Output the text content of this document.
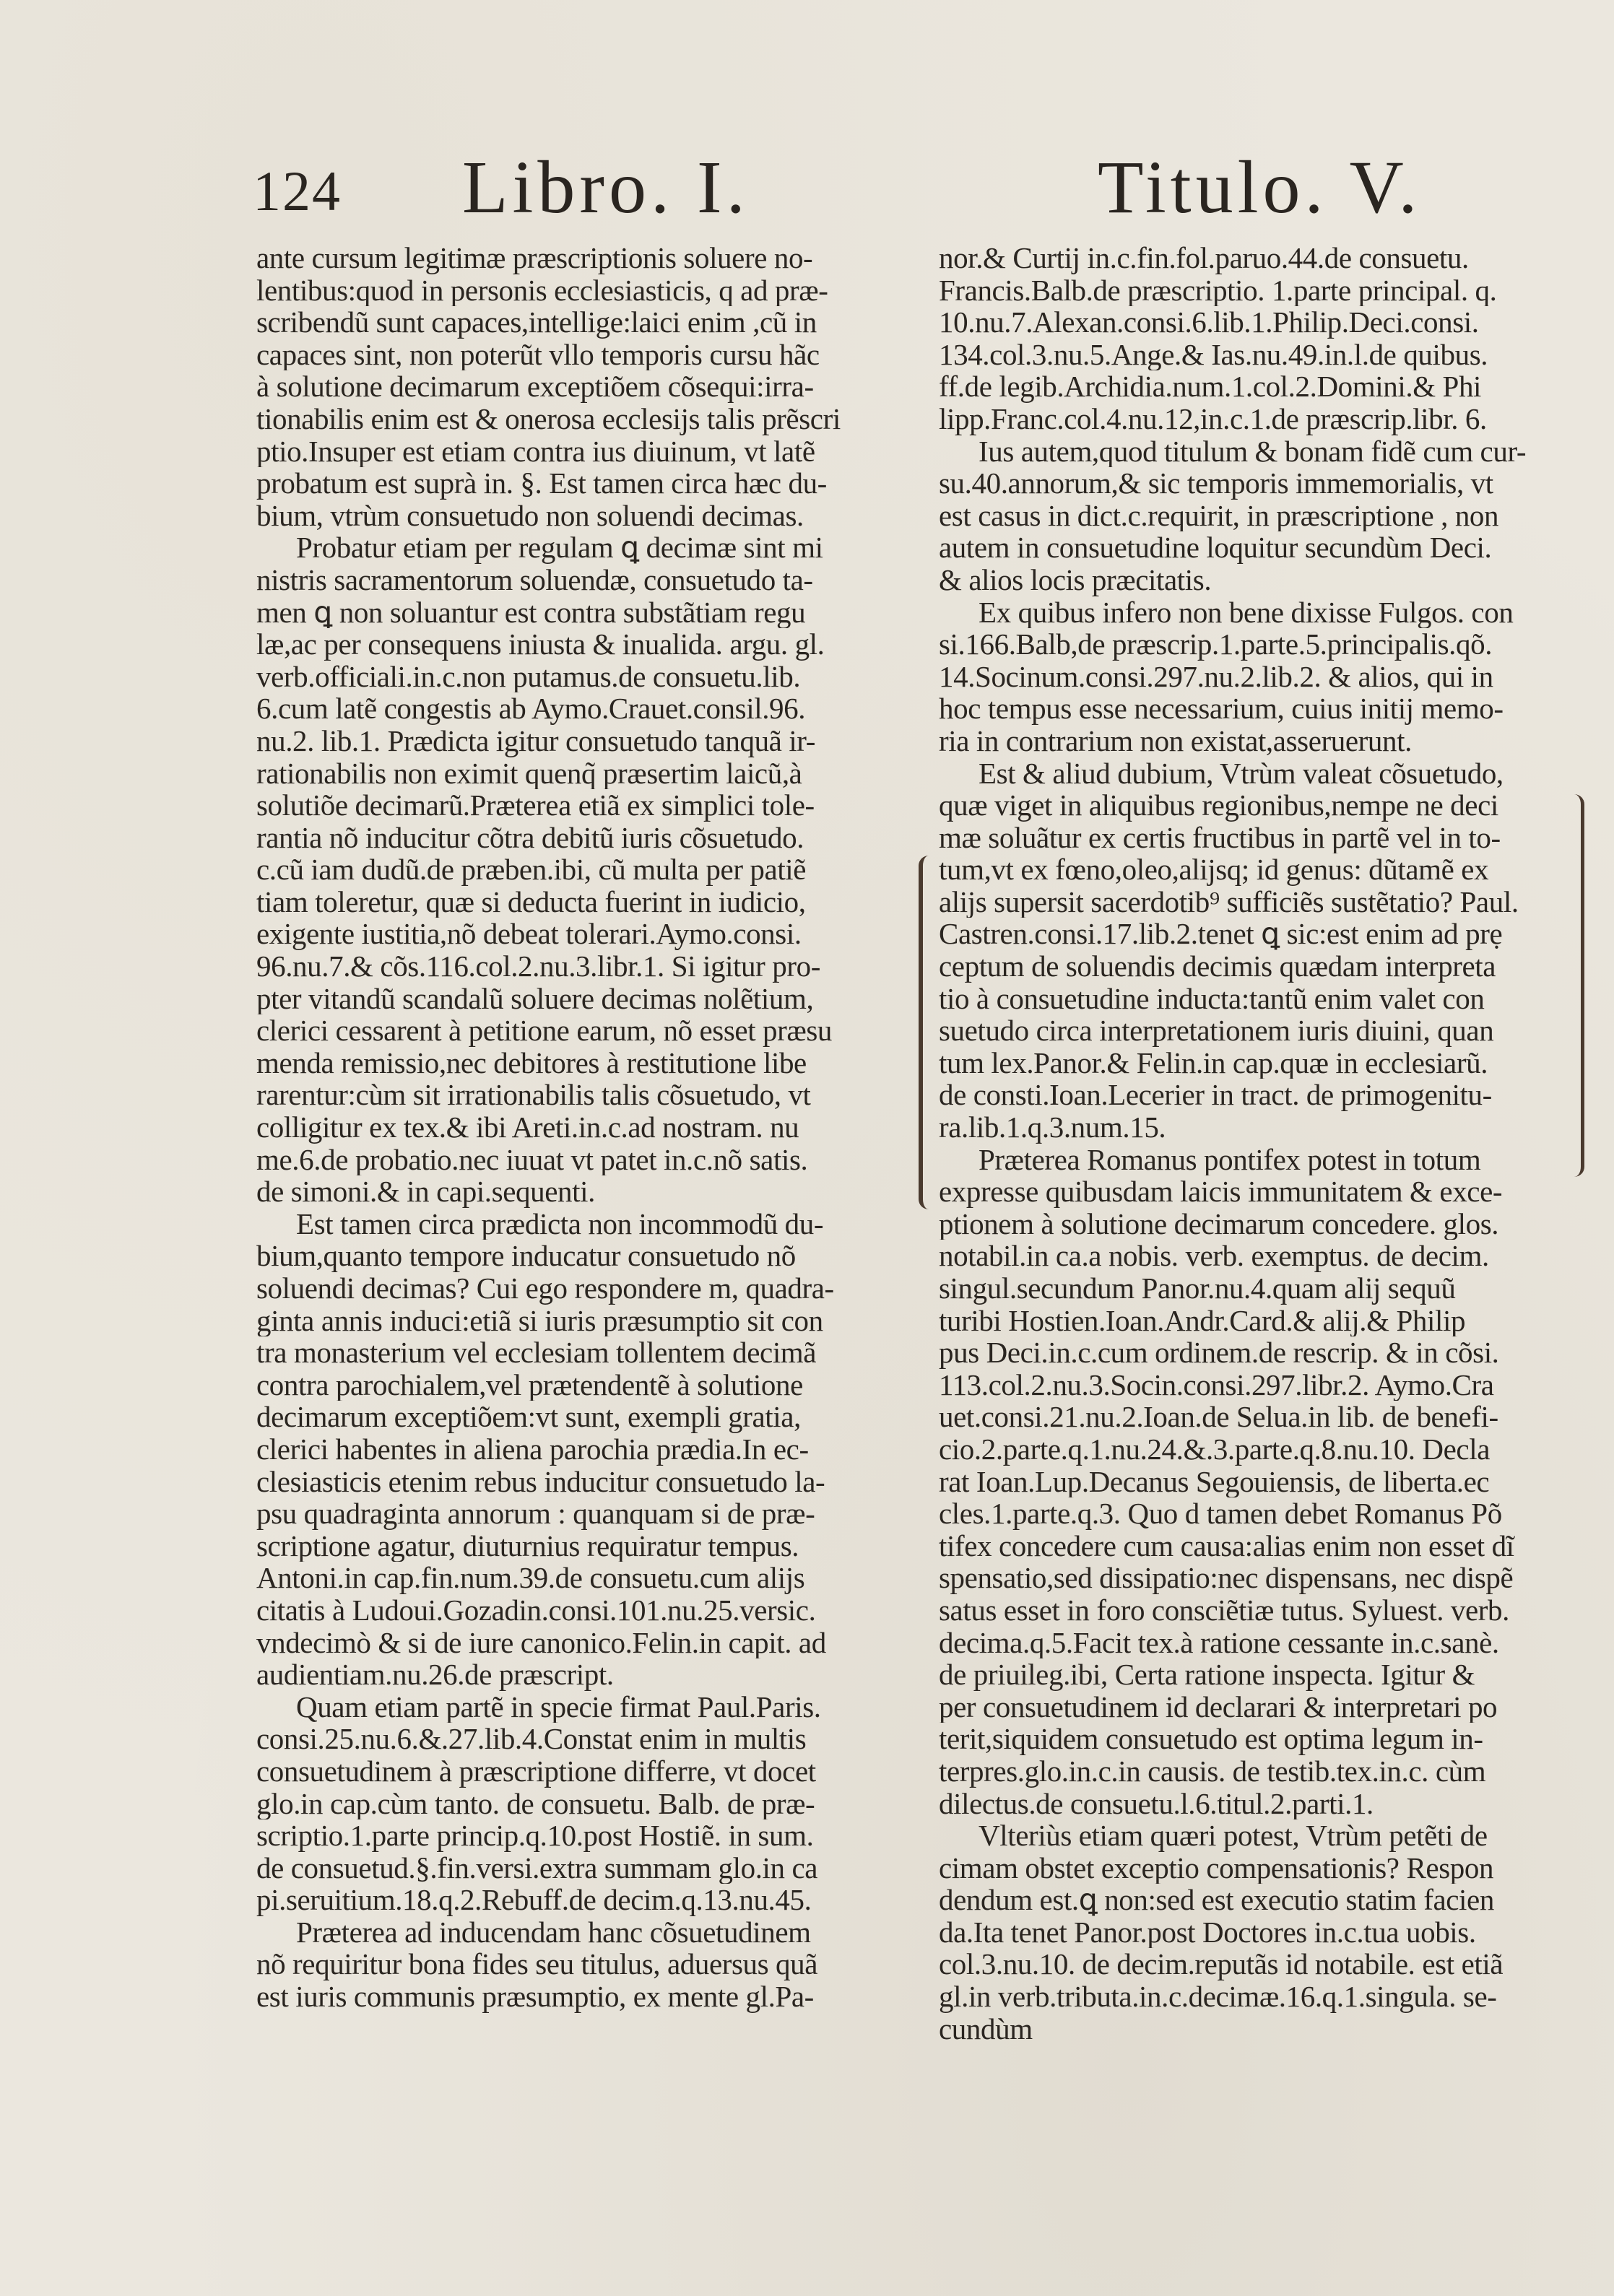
124 Libro. I.	Titulo. V.
ante cursum legitimæ præscriptionis soluere no-
lentibus:quod in personis ecclesiasticis, q ad præ-
scribendũ sunt capaces,intellige:laici enim ,cũ in
capaces sint, non poterũt vllo temporis cursu hãc
à solutione decimarum exceptiõem cõsequi:irra-
tionabilis enim est & onerosa ecclesijs talis prẽscri
ptio.Insuper est etiam contra ius diuinum, vt latẽ
probatum est suprà in. §. Est tamen circa hæc du-
bium, vtrùm consuetudo non soluendi decimas.
Probatur etiam per regulam ꝗ decimæ sint mi
nistris sacramentorum soluendæ, consuetudo ta-
men ꝗ non soluantur est contra substãtiam regu
læ,ac per consequens iniusta & inualida. argu. gl.
verb.officiali.in.c.non putamus.de consuetu.lib.
6.cum latẽ congestis ab Aymo.Crauet.consil.96.
nu.2. lib.1. Prædicta igitur consuetudo tanquã ir-
rationabilis non eximit quenq̃ præsertim laicũ,à
solutiõe decimarũ.Præterea etiã ex simplici tole-
rantia nõ inducitur cõtra debitũ iuris cõsuetudo.
c.cũ iam dudũ.de præben.ibi, cũ multa per patiẽ
tiam toleretur, quæ si deducta fuerint in iudicio,
exigente iustitia,nõ debeat tolerari.Aymo.consi.
96.nu.7.& cõs.116.col.2.nu.3.libr.1. Si igitur pro-
pter vitandũ scandalũ soluere decimas nolẽtium,
clerici cessarent à petitione earum, nõ esset præsu
menda remissio,nec debitores à restitutione libe
rarentur:cùm sit irrationabilis talis cõsuetudo, vt
colligitur ex tex.& ibi Areti.in.c.ad nostram. nu
me.6.de probatio.nec iuuat vt patet in.c.nõ satis.
de simoni.& in capi.sequenti.
Est tamen circa prædicta non incommodũ du-
bium,quanto tempore inducatur consuetudo nõ
soluendi decimas? Cui ego respondere m, quadra-
ginta annis induci:etiã si iuris præsumptio sit con
tra monasterium vel ecclesiam tollentem decimã
contra parochialem,vel prætendentẽ à solutione
decimarum exceptiõem:vt sunt, exempli gratia,
clerici habentes in aliena parochia prædia.In ec-
clesiasticis etenim rebus inducitur consuetudo la-
psu quadraginta annorum : quanquam si de præ-
scriptione agatur, diuturnius requiratur tempus.
Antoni.in cap.fin.num.39.de consuetu.cum alijs
citatis à Ludoui.Gozadin.consi.101.nu.25.versic.
vndecimò & si de iure canonico.Felin.in capit. ad
audientiam.nu.26.de præscript.
Quam etiam partẽ in specie firmat Paul.Paris.
consi.25.nu.6.&.27.lib.4.Constat enim in multis
consuetudinem à præscriptione differre, vt docet
glo.in cap.cùm tanto. de consuetu. Balb. de præ-
scriptio.1.parte princip.q.10.post Hostiẽ. in sum.
de consuetud.§.fin.versi.extra summam glo.in ca
pi.seruitium.18.q.2.Rebuff.de decim.q.13.nu.45.
Præterea ad inducendam hanc cõsuetudinem
nõ requiritur bona fides seu titulus, aduersus quã
est iuris communis præsumptio, ex mente gl.Pa-
nor.& Curtij in.c.fin.fol.paruo.44.de consuetu.
Francis.Balb.de præscriptio. 1.parte principal. q.
10.nu.7.Alexan.consi.6.lib.1.Philip.Deci.consi.
134.col.3.nu.5.Ange.& Ias.nu.49.in.l.de quibus.
ff.de legib.Archidia.num.1.col.2.Domini.& Phi
lipp.Franc.col.4.nu.12,in.c.1.de præscrip.libr. 6.
Ius autem,quod titulum & bonam fidẽ cum cur-
su.40.annorum,& sic temporis immemorialis, vt
est casus in dict.c.requirit, in præscriptione , non
autem in consuetudine loquitur secundùm Deci.
& alios locis præcitatis.
Ex quibus infero non bene dixisse Fulgos. con
si.166.Balb,de præscrip.1.parte.5.principalis.qõ.
14.Socinum.consi.297.nu.2.lib.2. & alios, qui in
hoc tempus esse necessarium, cuius initij memo-
ria in contrarium non existat,asseruerunt.
Est & aliud dubium, Vtrùm valeat cõsuetudo,
quæ viget in aliquibus regionibus,nempe ne deci
mæ soluãtur ex certis fructibus in partẽ vel in to-
tum,vt ex fœno,oleo,alijsq; id genus: dũtamẽ ex
alijs supersit sacerdotib⁹ sufficiẽs sustẽtatio? Paul.
Castren.consi.17.lib.2.tenet ꝗ sic:est enim ad prẹ
ceptum de soluendis decimis quædam interpreta
tio à consuetudine inducta:tantũ enim valet con
suetudo circa interpretationem iuris diuini, quan
tum lex.Panor.& Felin.in cap.quæ in ecclesiarũ.
de consti.Ioan.Lecerier in tract. de primogenitu-
ra.lib.1.q.3.num.15.
Præterea Romanus pontifex potest in totum
expresse quibusdam laicis immunitatem & exce-
ptionem à solutione decimarum concedere. glos.
notabil.in ca.a nobis. verb. exemptus. de decim.
singul.secundum Panor.nu.4.quam alij sequũ
turibi Hostien.Ioan.Andr.Card.& alij.& Philip
pus Deci.in.c.cum ordinem.de rescrip. & in cõsi.
113.col.2.nu.3.Socin.consi.297.libr.2. Aymo.Cra
uet.consi.21.nu.2.Ioan.de Selua.in lib. de benefi-
cio.2.parte.q.1.nu.24.&.3.parte.q.8.nu.10. Decla
rat Ioan.Lup.Decanus Segouiensis, de liberta.ec
cles.1.parte.q.3. Quo d tamen debet Romanus Põ
tifex concedere cum causa:alias enim non esset dĩ
spensatio,sed dissipatio:nec dispensans, nec dispẽ
satus esset in foro consciẽtiæ tutus. Syluest. verb.
decima.q.5.Facit tex.à ratione cessante in.c.sanè.
de priuileg.ibi, Certa ratione inspecta. Igitur &
per consuetudinem id declarari & interpretari po
terit,siquidem consuetudo est optima legum in-
terpres.glo.in.c.in causis. de testib.tex.in.c. cùm
dilectus.de consuetu.l.6.titul.2.parti.1.
Vlteriùs etiam quæri potest, Vtrùm petẽti de
cimam obstet exceptio compensationis? Respon
dendum est.ꝗ non:sed est executio statim facien
da.Ita tenet Panor.post Doctores in.c.tua uobis.
col.3.nu.10. de decim.reputãs id notabile. est etiã
gl.in verb.tributa.in.c.decimæ.16.q.1.singula. se-
cundùm
